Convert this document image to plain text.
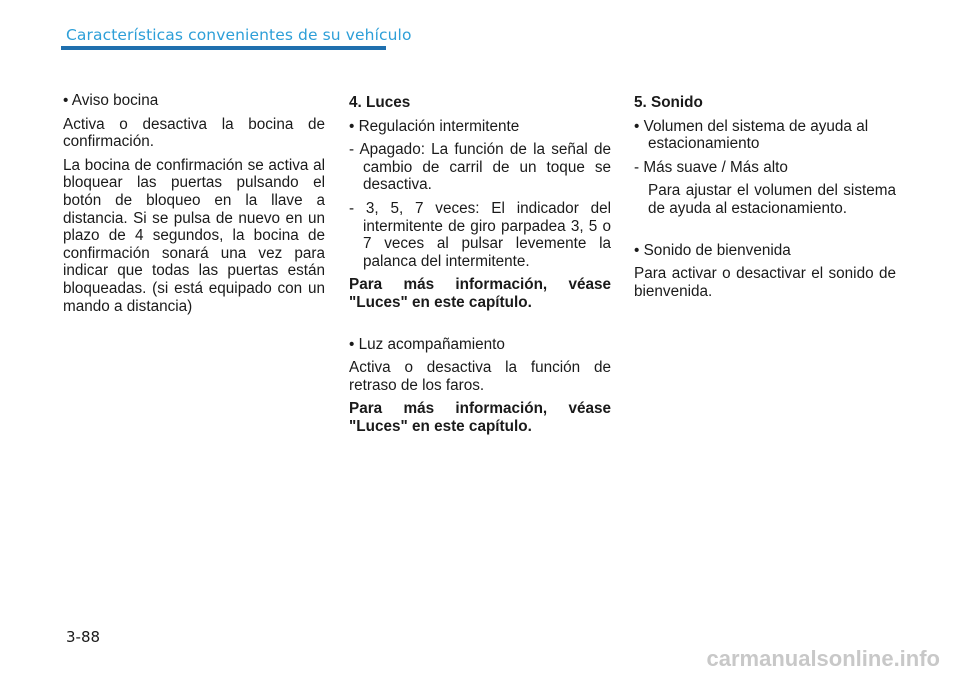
Características convenientes de su vehículo

• Aviso bocina

Activa o desactiva la bocina de confirmación.

La bocina de confirmación se activa al bloquear las puertas pulsando el botón de bloqueo en la llave a distancia. Si se pulsa de nuevo en un plazo de 4 segundos, la bocina de confirmación sonará una vez para indicar que todas las puertas están bloqueadas. (si está equipado con un mando a distancia)

4. Luces

• Regulación intermitente

- Apagado: La función de la señal de cambio de carril de un toque se desactiva.

- 3, 5, 7 veces: El indicador del intermitente de giro parpadea 3, 5 o 7 veces al pulsar levemente la palanca del intermitente.

Para más información, véase "Luces" en este capítulo.

• Luz acompañamiento

Activa o desactiva la función de retraso de los faros.

Para más información, véase "Luces" en este capítulo.

5. Sonido

• Volumen del sistema de ayuda al estacionamiento

- Más suave / Más alto

Para ajustar el volumen del sistema de ayuda al estacionamiento.

• Sonido de bienvenida

Para activar o desactivar el sonido de bienvenida.

3-88
carmanualsonline.info
